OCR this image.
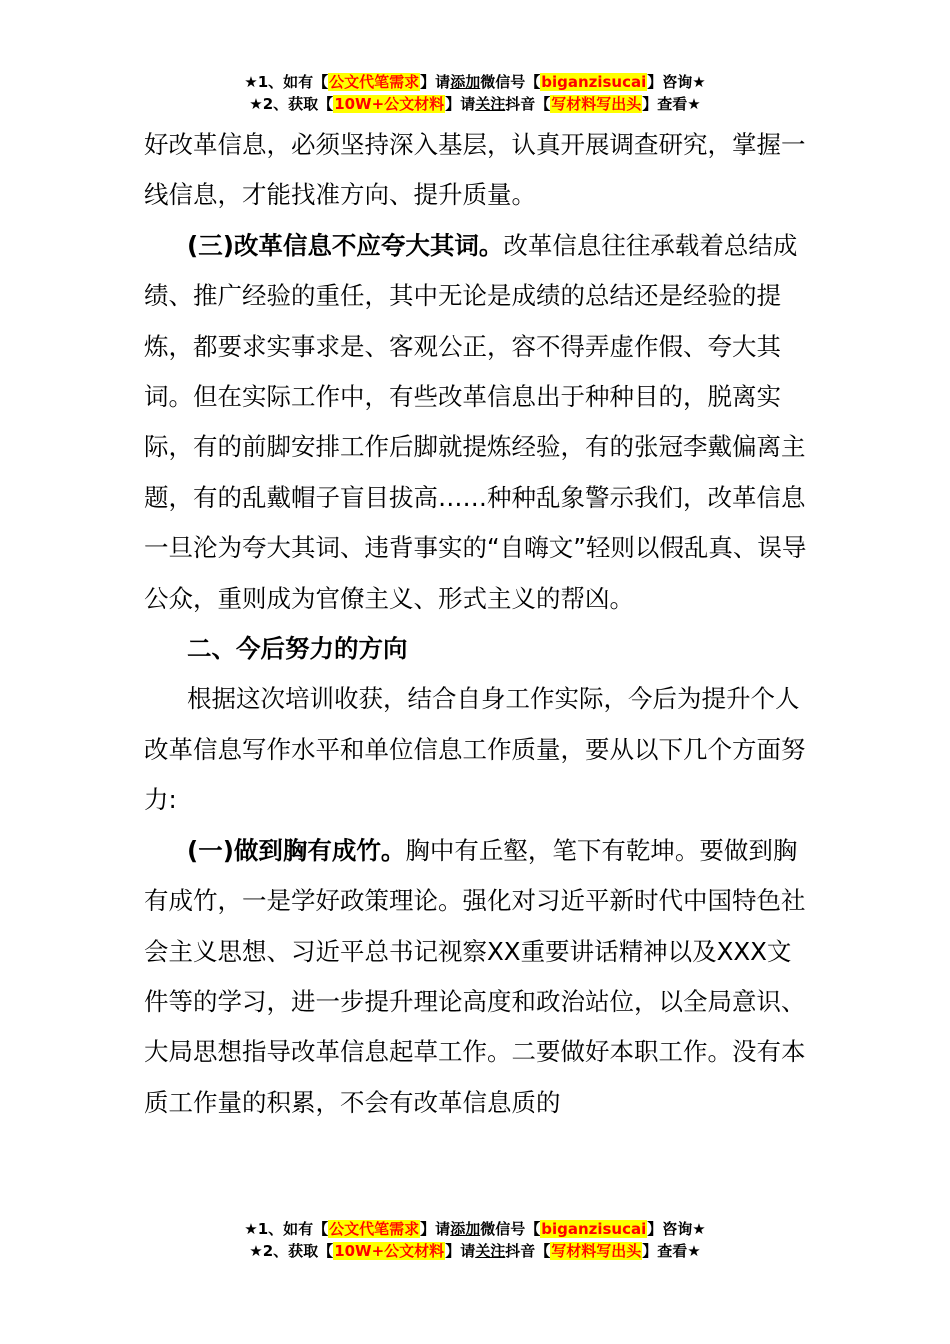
★1、如有【公文代笔需求】请添加微信号【biganzisucai】咨询★
★2、获取【10W+公文材料】请关注抖音【写材料写出头】查看★

好改革信息，必须坚持深入基层，认真开展调查研究，掌握一线信息，才能找准方向、提升质量。

(三)改革信息不应夸大其词。改革信息往往承载着总结成绩、推广经验的重任，其中无论是成绩的总结还是经验的提炼，都要求实事求是、客观公正，容不得弄虚作假、夸大其词。但在实际工作中，有些改革信息出于种种目的，脱离实际，有的前脚安排工作后脚就提炼经验，有的张冠李戴偏离主题，有的乱戴帽子盲目拔高……种种乱象警示我们，改革信息一旦沦为夸大其词、违背事实的“自嗨文”轻则以假乱真、误导公众，重则成为官僚主义、形式主义的帮凶。

二、今后努力的方向

根据这次培训收获，结合自身工作实际，今后为提升个人改革信息写作水平和单位信息工作质量，要从以下几个方面努力:

(一)做到胸有成竹。胸中有丘壑，笔下有乾坤。要做到胸有成竹，一是学好政策理论。强化对习近平新时代中国特色社会主义思想、习近平总书记视察XX重要讲话精神以及XXX文件等的学习，进一步提升理论高度和政治站位，以全局意识、大局思想指导改革信息起草工作。二要做好本职工作。没有本质工作量的积累，不会有改革信息质的

★1、如有【公文代笔需求】请添加微信号【biganzisucai】咨询★
★2、获取【10W+公文材料】请关注抖音【写材料写出头】查看★
